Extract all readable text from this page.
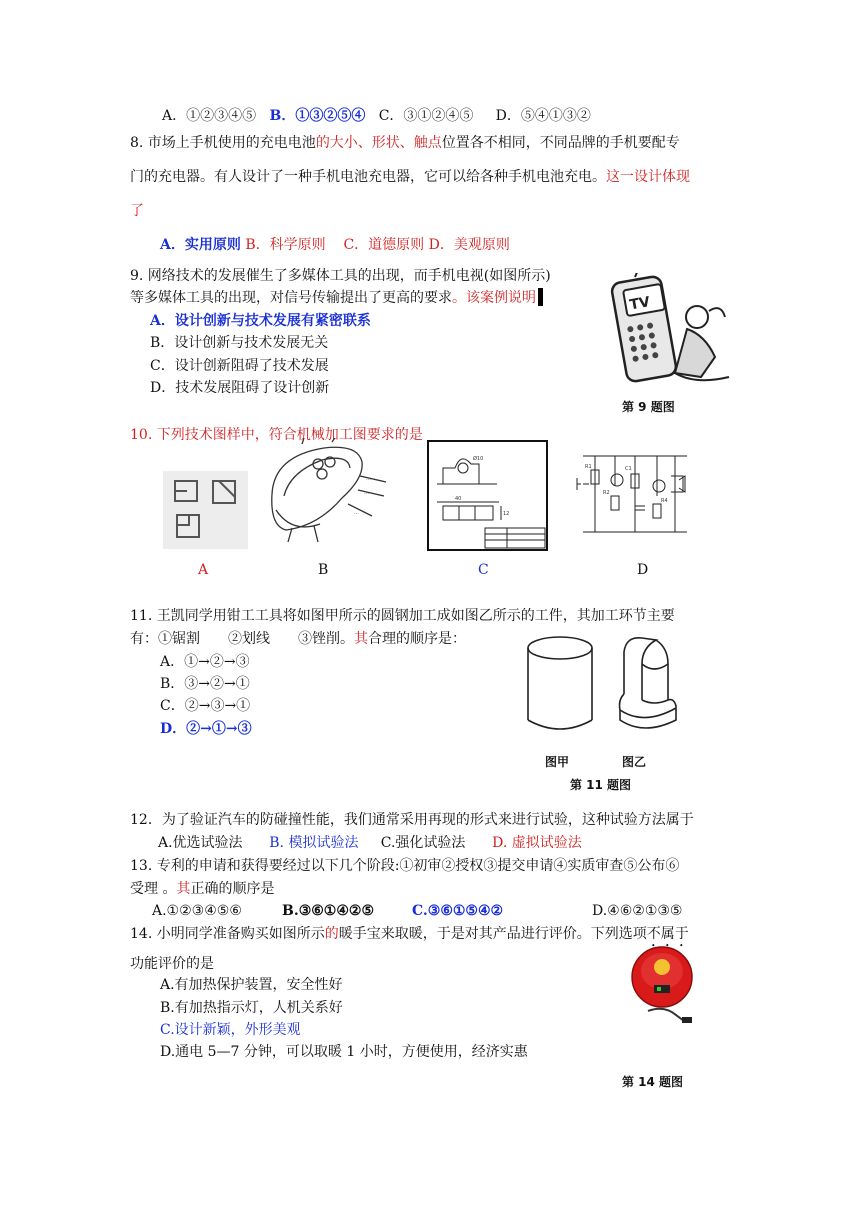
A．①②③④⑤ B．①③②⑤④ C．③①②④⑤ D．⑤④①③②
8. 市场上手机使用的充电电池的大小、形状、触点位置各不相同，不同品牌的手机要配专
门的充电器。有人设计了一种手机电池充电器，它可以给各种手机电池充电。这一设计体现
了
A．实用原则 B．科学原则 C．道德原则 D．美观原则
9. 网络技术的发展催生了多媒体工具的出现，而手机电视(如图所示)
等多媒体工具的出现，对信号传输提出了更高的要求。该案例说明
A．设计创新与技术发展有紧密联系
B．设计创新与技术发展无关
C．设计创新阻碍了技术发展
D．技术发展阻碍了设计创新
TV
第 9 题图
10. 下列技术图样中，符合机械加工图要求的是
A
…
…
…
B
Ø10
40
12
C
R1
R2
C1
R4
D
11. 王凯同学用钳工工具将如图甲所示的圆钢加工成如图乙所示的工件，其加工环节主要
有：①锯割　　②划线　　③锉削。其合理的顺序是：
A．①→②→③
B．③→②→①
C．②→③→①
D．②→①→③
图甲	图乙
第 11 题图
12．为了验证汽车的防碰撞性能，我们通常采用再现的形式来进行试验，这种试验方法属于
A.优选试验法 B. 模拟试验法 C.强化试验法 D. 虚拟试验法
13. 专利的申请和获得要经过以下几个阶段:①初审②授权③提交申请④实质审查⑤公布⑥
受理 。其正确的顺序是
A.①②③④⑤⑥	B.③⑥①④②⑤	C.③⑥①⑤④②	D.④⑥②①③⑤
14. 小明同学准备购买如图所示的暖手宝来取暖，于是对其产品进行评价。下列选项不属于
功能评价的是
A.有加热保护装置，安全性好
B.有加热指示灯，人机关系好
C.设计新颖，外形美观
D.通电 5—7 分钟，可以取暖 1 小时，方便使用，经济实惠
第 14 题图
